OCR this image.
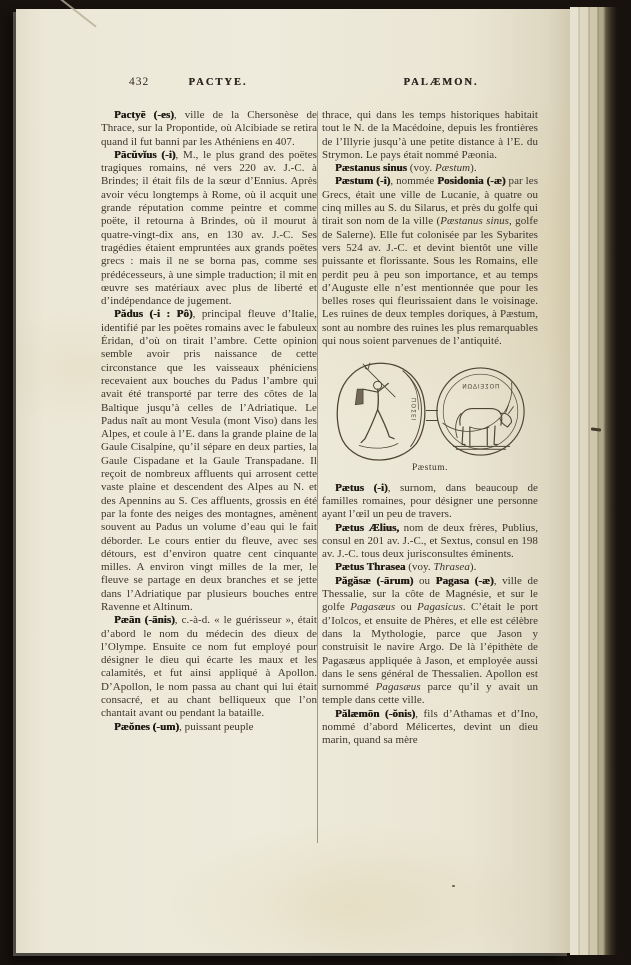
432	PACTYE.	PALÆMON.

Pactyē (-es), ville de la Chersonèse de Thrace, sur la Propontide, où Alcibiade se retira quand il fut banni par les Athéniens en 407.

Pācŭvĭus (-i), M., le plus grand des poëtes tragiques romains, né vers 220 av. J.-C. à Brindes; il était fils de la sœur d’Ennius. Après avoir vécu longtemps à Rome, où il acquit une grande réputation comme peintre et comme poëte, il retourna à Brindes, où il mourut à quatre-vingt-dix ans, en 130 av. J.-C. Ses tragédies étaient empruntées aux grands poëtes grecs : mais il ne se borna pas, comme ses prédécesseurs, à une simple traduction; il mit en œuvre ses matériaux avec plus de liberté et d’indépendance de jugement.

Pădus (-i : Pô), principal fleuve d’Italie, identifié par les poëtes romains avec le fabuleux Éridan, d’où on tirait l’ambre. Cette opinion semble avoir pris naissance de cette circonstance que les vaisseaux phéniciens recevaient aux bouches du Padus l’ambre qui avait été transporté par terre des côtes de la Baltique jusqu’à celles de l’Adriatique. Le Padus naît au mont Vesula (mont Viso) dans les Alpes, et coule à l’E. dans la grande plaine de la Gaule Cisalpine, qu’il sépare en deux parties, la Gaule Cispadane et la Gaule Transpadane. Il reçoit de nombreux affluents qui arrosent cette vaste plaine et descendent des Alpes au N. et des Apennins au S. Ces affluents, grossis en été par la fonte des neiges des montagnes, amènent souvent au Padus un volume d’eau qui le fait déborder. Le cours entier du fleuve, avec ses détours, est d’environ quatre cent cinquante milles. A environ vingt milles de la mer, le fleuve se partage en deux branches et se jette dans l’Adriatique par plusieurs bouches entre Ravenne et Altinum.

Pæān (-ānis), c.-à-d. « le guérisseur », était d’abord le nom du médecin des dieux de l’Olympe. Ensuite ce nom fut employé pour désigner le dieu qui écarte les maux et les calamités, et fut ainsi appliqué à Apollon. D’Apollon, le nom passa au chant qui lui était consacré, et au chant belliqueux que l’on chantait avant ou pendant la bataille.

Pæŏnes (-um), puissant peuple

thrace, qui dans les temps historiques habitait tout le N. de la Macédoine, depuis les frontières de l’Illyrie jusqu’à une petite distance à l’E. du Strymon. Le pays était nommé Pæonia.

Pæstanus sinus (voy. Pæstum).

Pæstum (-i), nommée Posidonia (-æ) par les Grecs, était une ville de Lucanie, à quatre ou cinq milles au S. du Silarus, et près du golfe qui tirait son nom de la ville (Pæstanus sinus, golfe de Salerne). Elle fut colonisée par les Sybarites vers 524 av. J.-C. et devint bientôt une ville puissante et florissante. Sous les Romains, elle perdit peu à peu son importance, et au temps d’Auguste elle n’est mentionnée que pour les belles roses qui fleurissaient dans le voisinage. Les ruines de deux temples doriques, à Pæstum, sont au nombre des ruines les plus remarquables qui nous soient parvenues de l’antiquité.

ΠΟΣΕΙ
ΠΟΣΕΙΔΩΝ

Pæstum.

Pætus (-i), surnom, dans beaucoup de familles romaines, pour désigner une personne ayant l’œil un peu de travers.

Pætus Ælius, nom de deux frères, Publius, consul en 201 av. J.-C., et Sextus, consul en 198 av. J.-C. tous deux jurisconsultes éminents.

Pætus Thrasea (voy. Thrasea).

Păgăsæ (-ārum) ou Pagasa (-æ), ville de Thessalie, sur la côte de Magnésie, et sur le golfe Pagasæus ou Pagasicus. C’était le port d’Iolcos, et ensuite de Phères, et elle est célèbre dans la Mythologie, parce que Jason y construisit le navire Argo. De là l’épithète de Pagasæus appliquée à Jason, et employée aussi dans le sens général de Thessalien. Apollon est surnommé Pagasæus parce qu’il y avait un temple dans cette ville.

Pălæmōn (-ŏnis), fils d’Athamas et d’Ino, nommé d’abord Mélicertes, devint un dieu marin, quand sa mère
